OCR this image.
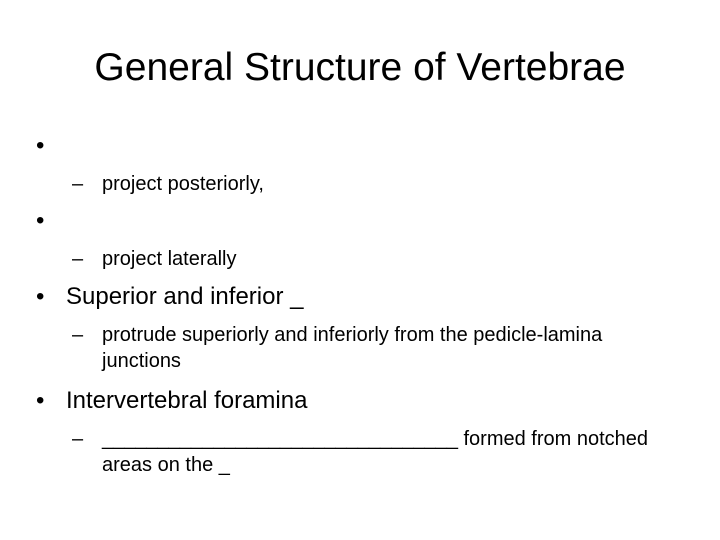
General Structure of Vertebrae
•
– project posteriorly,
•
– project laterally
• Superior and inferior _
– protrude superiorly and inferiorly from the pedicle-lamina junctions
• Intervertebral foramina
– ________________________________ formed from notched areas on the _
